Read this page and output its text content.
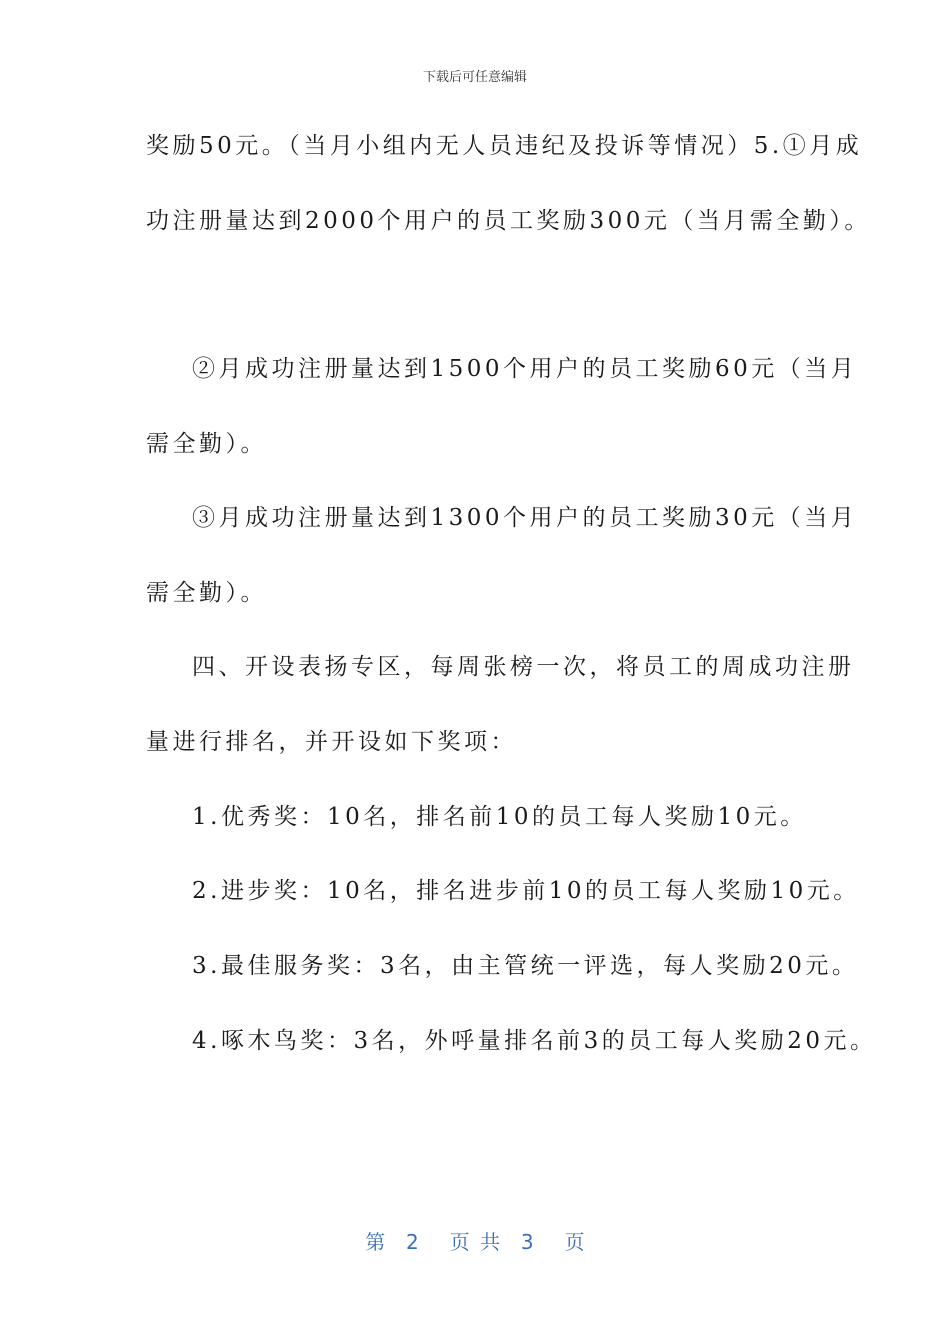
下载后可任意编辑
奖励50元。（当月小组内无人员违纪及投诉等情况）5.①月成
功注册量达到2000个用户的员工奖励300元（当月需全勤）。
②月成功注册量达到1500个用户的员工奖励60元（当月
需全勤）。
③月成功注册量达到1300个用户的员工奖励30元（当月
需全勤）。
四、开设表扬专区，每周张榜一次，将员工的周成功注册
量进行排名，并开设如下奖项：
1.优秀奖：10名，排名前10的员工每人奖励10元。
2.进步奖：10名，排名进步前10的员工每人奖励10元。
3.最佳服务奖：3名，由主管统一评选，每人奖励20元。
4.啄木鸟奖：3名，外呼量排名前3的员工每人奖励20元。
第  2   页 共  3   页
